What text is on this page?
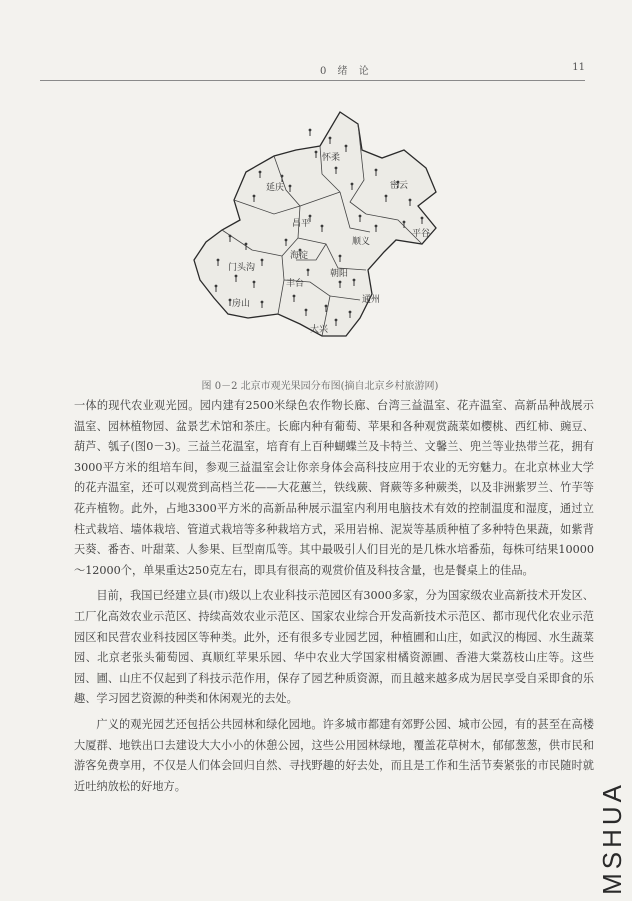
0 绪 论	11
怀柔
延庆	密云
昌平
平谷
顺义
门头沟
海淀
朝阳
丰台
房山	通州
大兴
图 0－2 北京市观光果园分布图(摘自北京乡村旅游网)

一体的现代农业观光园。园内建有2500米绿色农作物长廊、台湾三益温室、花卉温室、高新品种战展示温室、园林植物园、盆景艺术馆和茶庄。长廊内种有葡萄、苹果和各种观赏蔬菜如樱桃、西红柿、豌豆、葫芦、瓠子(图0－3)。三益兰花温室，培育有上百种蝴蝶兰及卡特兰、文馨兰、兜兰等业热带兰花，拥有3000平方米的组培车间，参观三益温室会让你亲身体会高科技应用于农业的无穷魅力。在北京林业大学的花卉温室，还可以观赏到高档兰花——大花蕙兰，铁线蕨、肾蕨等多种蕨类，以及非洲紫罗兰、竹芋等花卉植物。此外，占地3300平方米的高新品种展示温室内利用电脑技术有效的控制温度和湿度，通过立柱式栽培、墙体栽培、管道式栽培等多种栽培方式，采用岩棉、泥炭等基质种植了多种特色果蔬，如紫背天葵、番杏、叶甜菜、人参果、巨型南瓜等。其中最吸引人们目光的是几株水培番茄，每株可结果10000～12000个，单果重达250克左右，即具有很高的观赏价值及科技含量，也是餐桌上的佳品。

目前，我国已经建立县(市)级以上农业科技示范园区有3000多家，分为国家级农业高新技术开发区、工厂化高效农业示范区、持续高效农业示范区、国家农业综合开发高新技术示范区、都市现代化农业示范园区和民营农业科技园区等种类。此外，还有很多专业园艺园，种植圃和山庄，如武汉的梅园、水生蔬菜园、北京老张头葡萄园、真顺红苹果乐园、华中农业大学国家柑橘资源圃、香港大棠荔枝山庄等。这些园、圃、山庄不仅起到了科技示范作用，保存了园艺种质资源，而且越来越多成为居民享受自采即食的乐趣、学习园艺资源的种类和休闲观光的去处。

广义的观光园艺还包括公共园林和绿化园地。许多城市都建有郊野公园、城市公园，有的甚至在高楼大厦群、地铁出口去建设大大小小的休憩公园，这些公用园林绿地，覆盖花草树木，郁郁葱葱，供市民和游客免费享用，不仅是人们体会回归自然、寻找野趣的好去处，而且是工作和生活节奏紧张的市民随时就近吐纳放松的好地方。	MSHUA
